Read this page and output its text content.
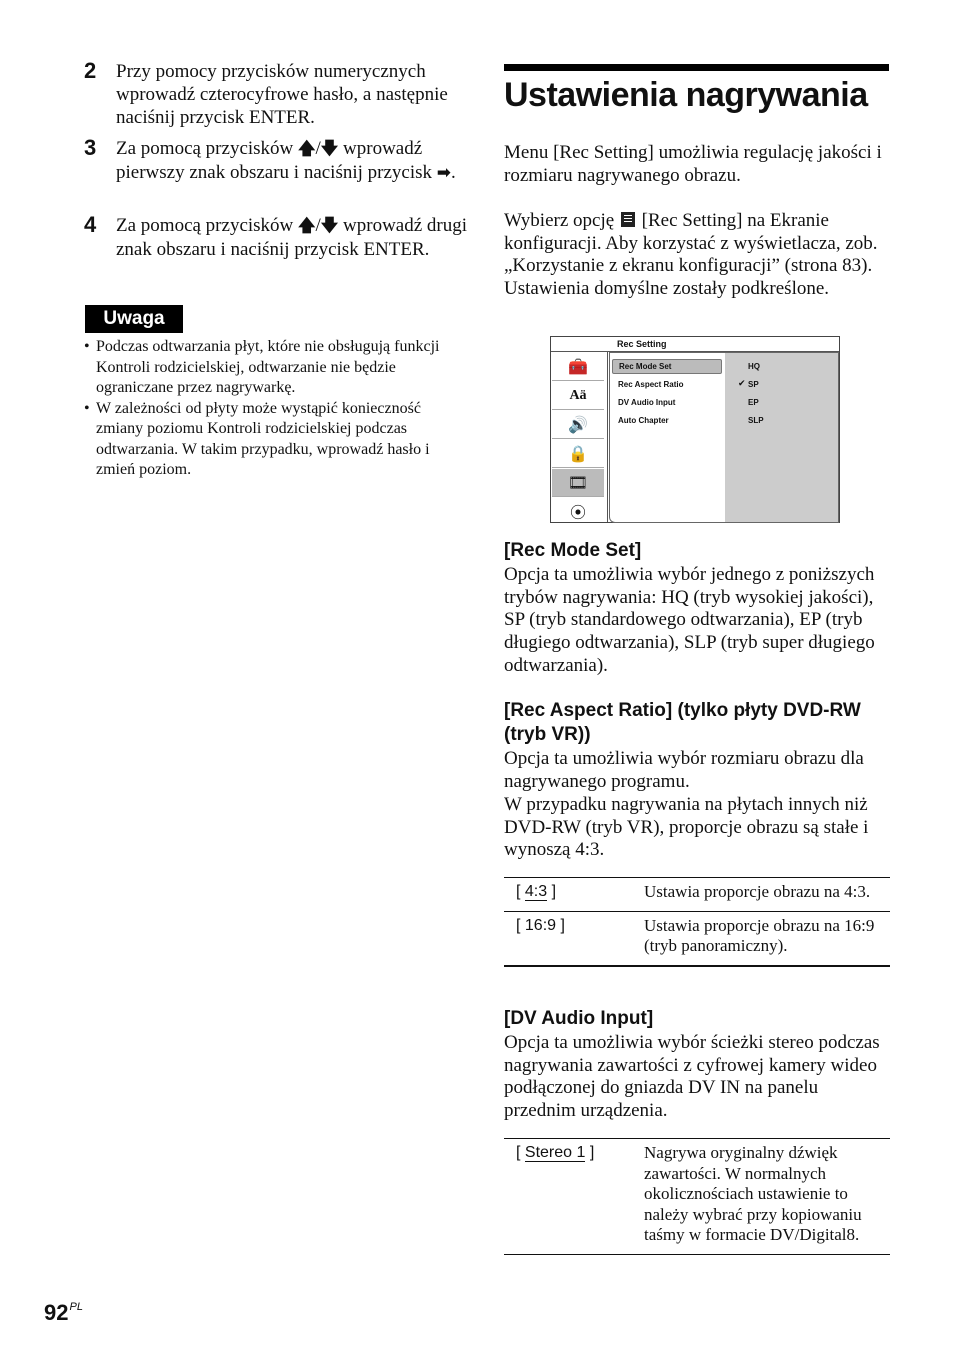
2 Przy pomocy przycisków numerycznych wprowadź czterocyfrowe hasło, a następnie naciśnij przycisk ENTER.
3 Za pomocą przycisków 🡅/🡇 wprowadź pierwszy znak obszaru i naciśnij przycisk ➡.
4 Za pomocą przycisków 🡅/🡇 wprowadź drugi znak obszaru i naciśnij przycisk ENTER.
Uwaga
• Podczas odtwarzania płyt, które nie obsługują funkcji Kontroli rodzicielskiej, odtwarzanie nie będzie ograniczane przez nagrywarkę.
• W zależności od płyty może wystąpić konieczność zmiany poziomu Kontroli rodzicielskiej podczas odtwarzania. W takim przypadku, wprowadź hasło i zmień poziom.
Ustawienia nagrywania
Menu [Rec Setting] umożliwia regulację jakości i rozmiaru nagrywanego obrazu.
Wybierz opcję  [Rec Setting] na Ekranie konfiguracji. Aby korzystać z wyświetlacza, zob. „Korzystanie z ekranu konfiguracji” (strona 83). Ustawienia domyślne zostały podkreślone.
Rec Setting
🧰
Aä
🔊
🔒
🎞
⦿
Rec Mode Set
Rec Aspect Ratio
DV Audio Input
Auto Chapter
HQ
✔ SP
EP
SLP
[Rec Mode Set]
Opcja ta umożliwia wybór jednego z poniższych trybów nagrywania: HQ (tryb wysokiej jakości), SP (tryb standardowego odtwarzania), EP (tryb długiego odtwarzania), SLP (tryb super długiego odtwarzania).
[Rec Aspect Ratio] (tylko płyty DVD-RW (tryb VR))
Opcja ta umożliwia wybór rozmiaru obrazu dla nagrywanego programu.
W przypadku nagrywania na płytach innych niż DVD-RW (tryb VR), proporcje obrazu są stałe i wynoszą 4:3.
[ 4:3 ]	Ustawia proporcje obrazu na 4:3.
[ 16:9 ]	Ustawia proporcje obrazu na 16:9 (tryb panoramiczny).
[DV Audio Input]
Opcja ta umożliwia wybór ścieżki stereo podczas nagrywania zawartości z cyfrowej kamery wideo podłączonej do gniazda DV IN na panelu przednim urządzenia.
[ Stereo 1 ]	Nagrywa oryginalny dźwięk zawartości. W normalnych okolicznościach ustawienie to należy wybrać przy kopiowaniu taśmy w formacie DV/Digital8.
$92^{PL}$
